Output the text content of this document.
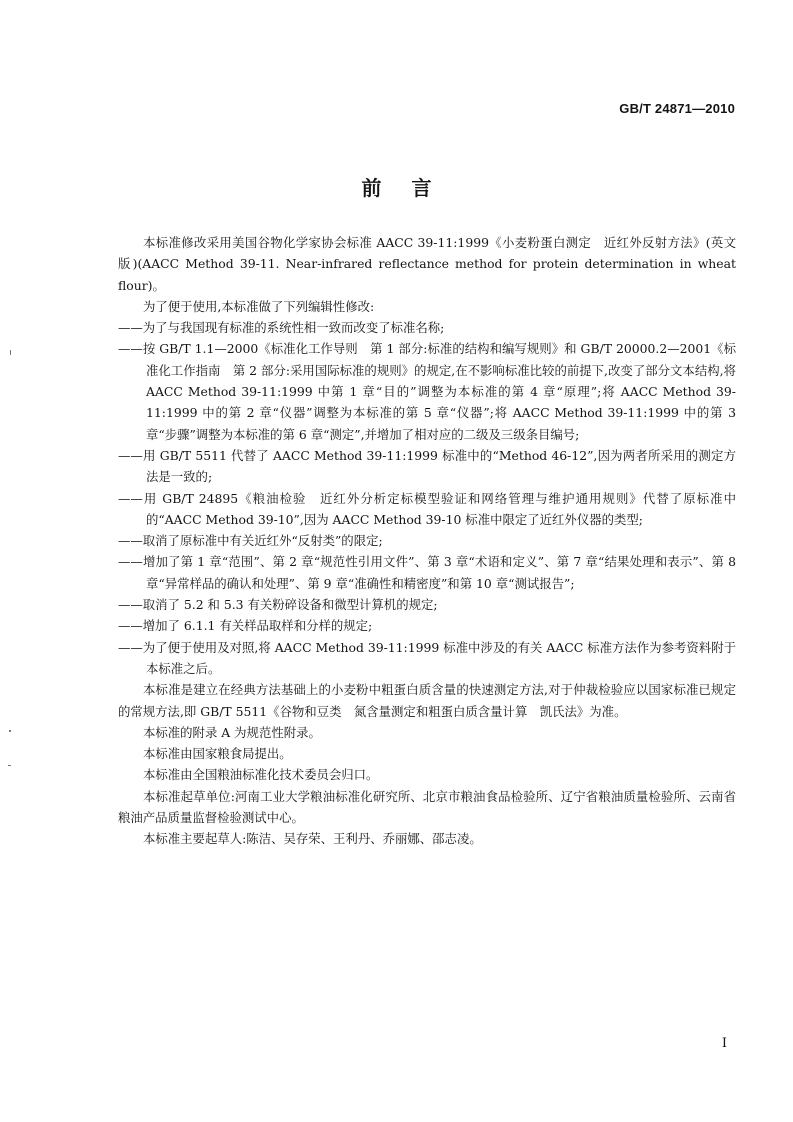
GB/T 24871—2010
前言

本标准修改采用美国谷物化学家协会标准 AACC 39-11:1999《小麦粉蛋白测定　近红外反射方法》(英文版)(AACC Method 39-11. Near-infrared reflectance method for protein determination in wheat flour)。

为了便于使用,本标准做了下列编辑性修改:

——为了与我国现有标准的系统性相一致而改变了标准名称;

——按 GB/T 1.1—2000《标准化工作导则　第 1 部分:标准的结构和编写规则》和 GB/T 20000.2—2001《标准化工作指南　第 2 部分:采用国际标准的规则》的规定,在不影响标准比较的前提下,改变了部分文本结构,将 AACC Method 39-11:1999 中第 1 章“目的”调整为本标准的第 4 章“原理”;将 AACC Method 39-11:1999 中的第 2 章“仪器”调整为本标准的第 5 章“仪器”;将 AACC Method 39-11:1999 中的第 3 章“步骤”调整为本标准的第 6 章“测定”,并增加了相对应的二级及三级条目编号;

——用 GB/T 5511 代替了 AACC Method 39-11:1999 标准中的“Method 46-12”,因为两者所采用的测定方法是一致的;

——用 GB/T 24895《粮油检验　近红外分析定标模型验证和网络管理与维护通用规则》代替了原标准中的“AACC Method 39-10”,因为 AACC Method 39-10 标准中限定了近红外仪器的类型;

——取消了原标准中有关近红外“反射类”的限定;

——增加了第 1 章“范围”、第 2 章“规范性引用文件”、第 3 章“术语和定义”、第 7 章“结果处理和表示”、第 8 章“异常样品的确认和处理”、第 9 章“准确性和精密度”和第 10 章“测试报告”;

——取消了 5.2 和 5.3 有关粉碎设备和微型计算机的规定;

——增加了 6.1.1 有关样品取样和分样的规定;

——为了便于使用及对照,将 AACC Method 39-11:1999 标准中涉及的有关 AACC 标准方法作为参考资料附于本标准之后。

本标准是建立在经典方法基础上的小麦粉中粗蛋白质含量的快速测定方法,对于仲裁检验应以国家标准已规定的常规方法,即 GB/T 5511《谷物和豆类　氮含量测定和粗蛋白质含量计算　凯氏法》为准。

本标准的附录 A 为规范性附录。

本标准由国家粮食局提出。

本标准由全国粮油标准化技术委员会归口。

本标准起草单位:河南工业大学粮油标准化研究所、北京市粮油食品检验所、辽宁省粮油质量检验所、云南省粮油产品质量监督检验测试中心。

本标准主要起草人:陈洁、吴存荣、王利丹、乔丽娜、邵志凌。

I
